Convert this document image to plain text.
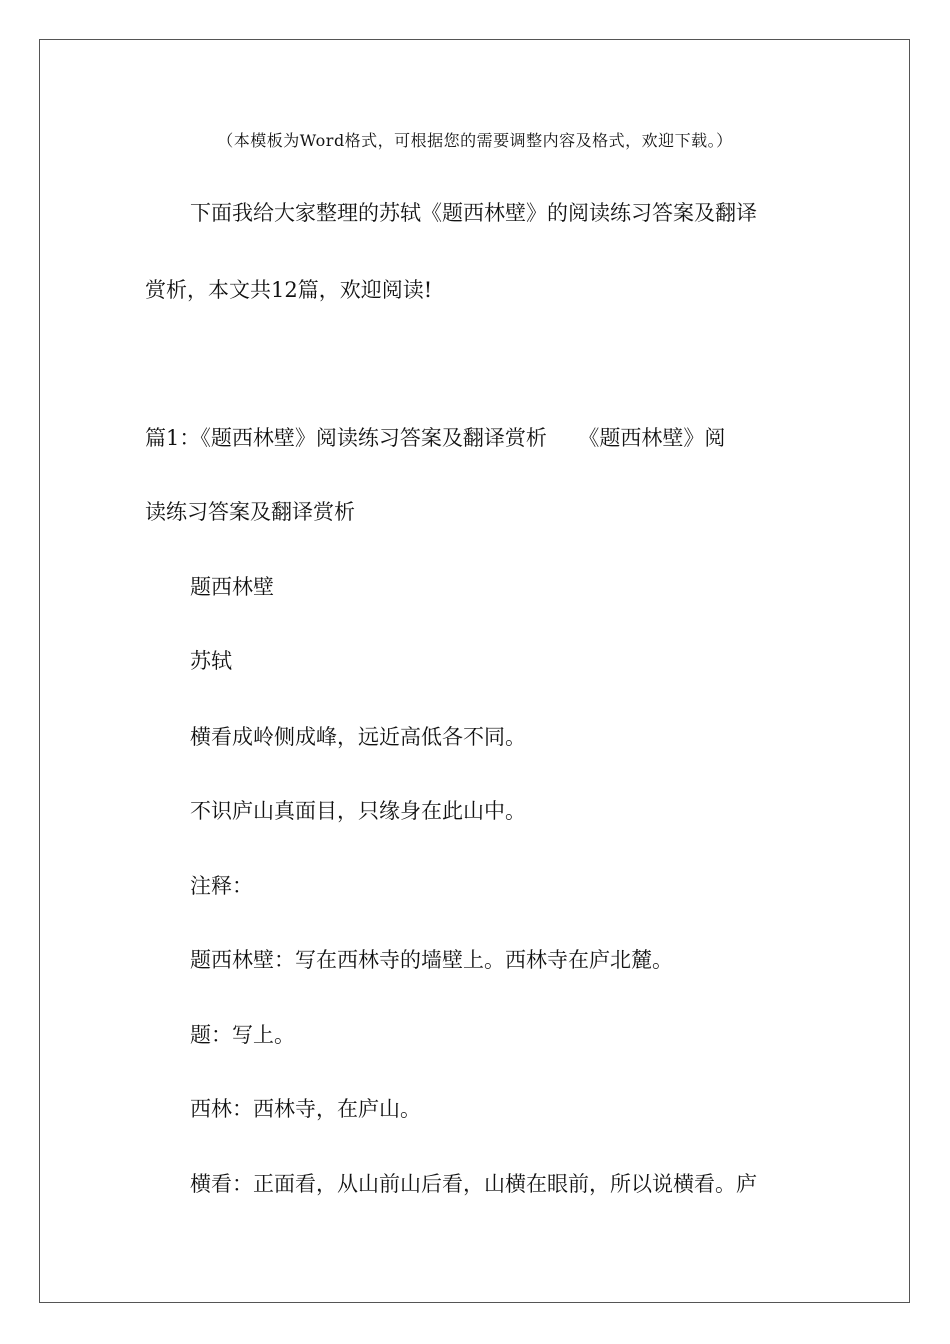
（本模板为Word格式，可根据您的需要调整内容及格式，欢迎下载。）
下面我给大家整理的苏轼《题西林壁》的阅读练习答案及翻译
赏析，本文共12篇，欢迎阅读!
篇1：《题西林壁》阅读练习答案及翻译赏析　　《题西林壁》阅
读练习答案及翻译赏析
题西林壁
苏轼
横看成岭侧成峰，远近高低各不同。
不识庐山真面目，只缘身在此山中。
注释：
题西林壁：写在西林寺的墙壁上。西林寺在庐北麓。
题：写上。
西林：西林寺，在庐山。
横看：正面看，从山前山后看，山横在眼前，所以说横看。庐
